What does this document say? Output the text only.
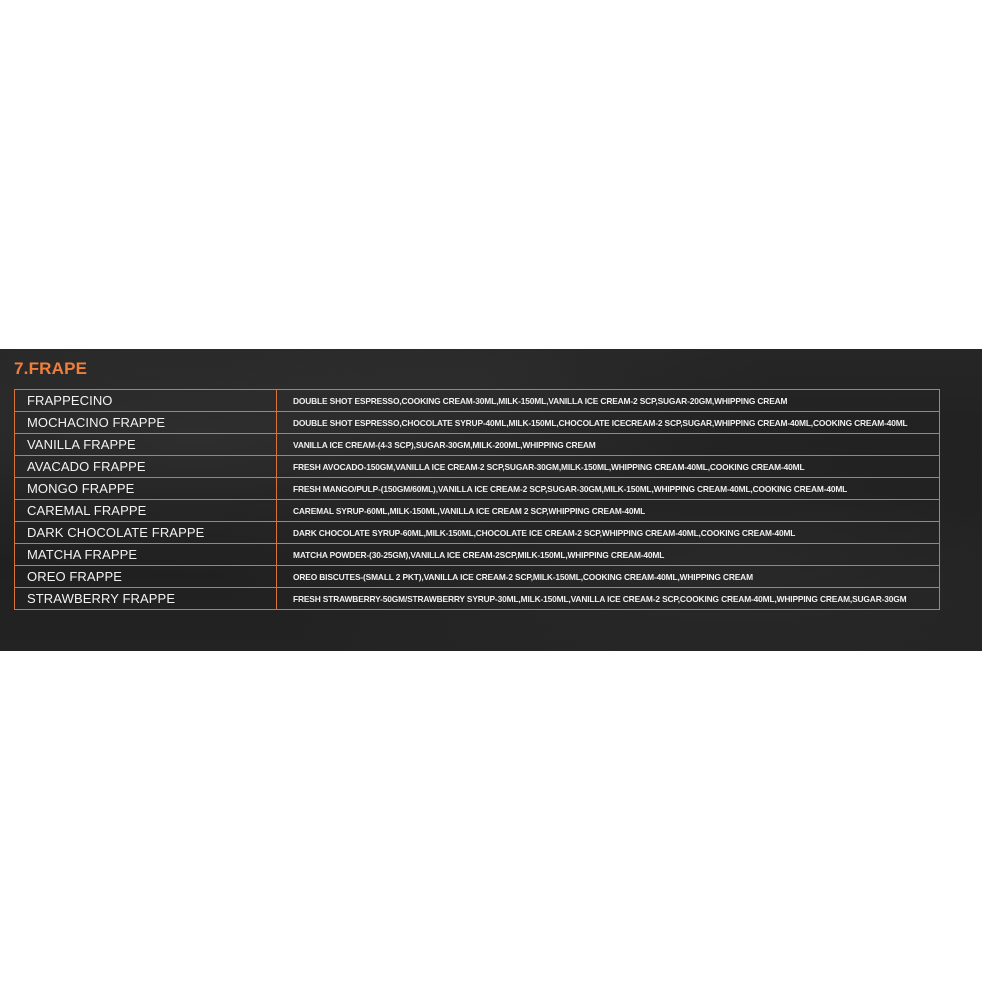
7.FRAPE
FRAPPECINO	DOUBLE SHOT ESPRESSO,COOKING CREAM-30ML,MILK-150ML,VANILLA ICE CREAM-2 SCP,SUGAR-20GM,WHIPPING CREAM
MOCHACINO FRAPPE	DOUBLE SHOT ESPRESSO,CHOCOLATE SYRUP-40ML,MILK-150ML,CHOCOLATE ICECREAM-2 SCP,SUGAR,WHIPPING CREAM-40ML,COOKING CREAM-40ML
VANILLA FRAPPE	VANILLA ICE CREAM-(4-3 SCP),SUGAR-30GM,MILK-200ML,WHIPPING CREAM
AVACADO FRAPPE	FRESH AVOCADO-150GM,VANILLA ICE CREAM-2 SCP,SUGAR-30GM,MILK-150ML,WHIPPING CREAM-40ML,COOKING CREAM-40ML
MONGO FRAPPE	FRESH MANGO/PULP-(150GM/60ML),VANILLA ICE CREAM-2 SCP,SUGAR-30GM,MILK-150ML,WHIPPING CREAM-40ML,COOKING CREAM-40ML
CAREMAL FRAPPE	CAREMAL SYRUP-60ML,MILK-150ML,VANILLA ICE CREAM 2 SCP,WHIPPING CREAM-40ML
DARK CHOCOLATE FRAPPE	DARK CHOCOLATE SYRUP-60ML,MILK-150ML,CHOCOLATE ICE CREAM-2 SCP,WHIPPING CREAM-40ML,COOKING CREAM-40ML
MATCHA FRAPPE	MATCHA POWDER-(30-25GM),VANILLA ICE CREAM-2SCP,MILK-150ML,WHIPPING CREAM-40ML
OREO FRAPPE	OREO BISCUTES-(SMALL 2 PKT),VANILLA ICE CREAM-2 SCP,MILK-150ML,COOKING CREAM-40ML,WHIPPING CREAM
STRAWBERRY FRAPPE	FRESH STRAWBERRY-50GM/STRAWBERRY SYRUP-30ML,MILK-150ML,VANILLA ICE CREAM-2 SCP,COOKING CREAM-40ML,WHIPPING CREAM,SUGAR-30GM
